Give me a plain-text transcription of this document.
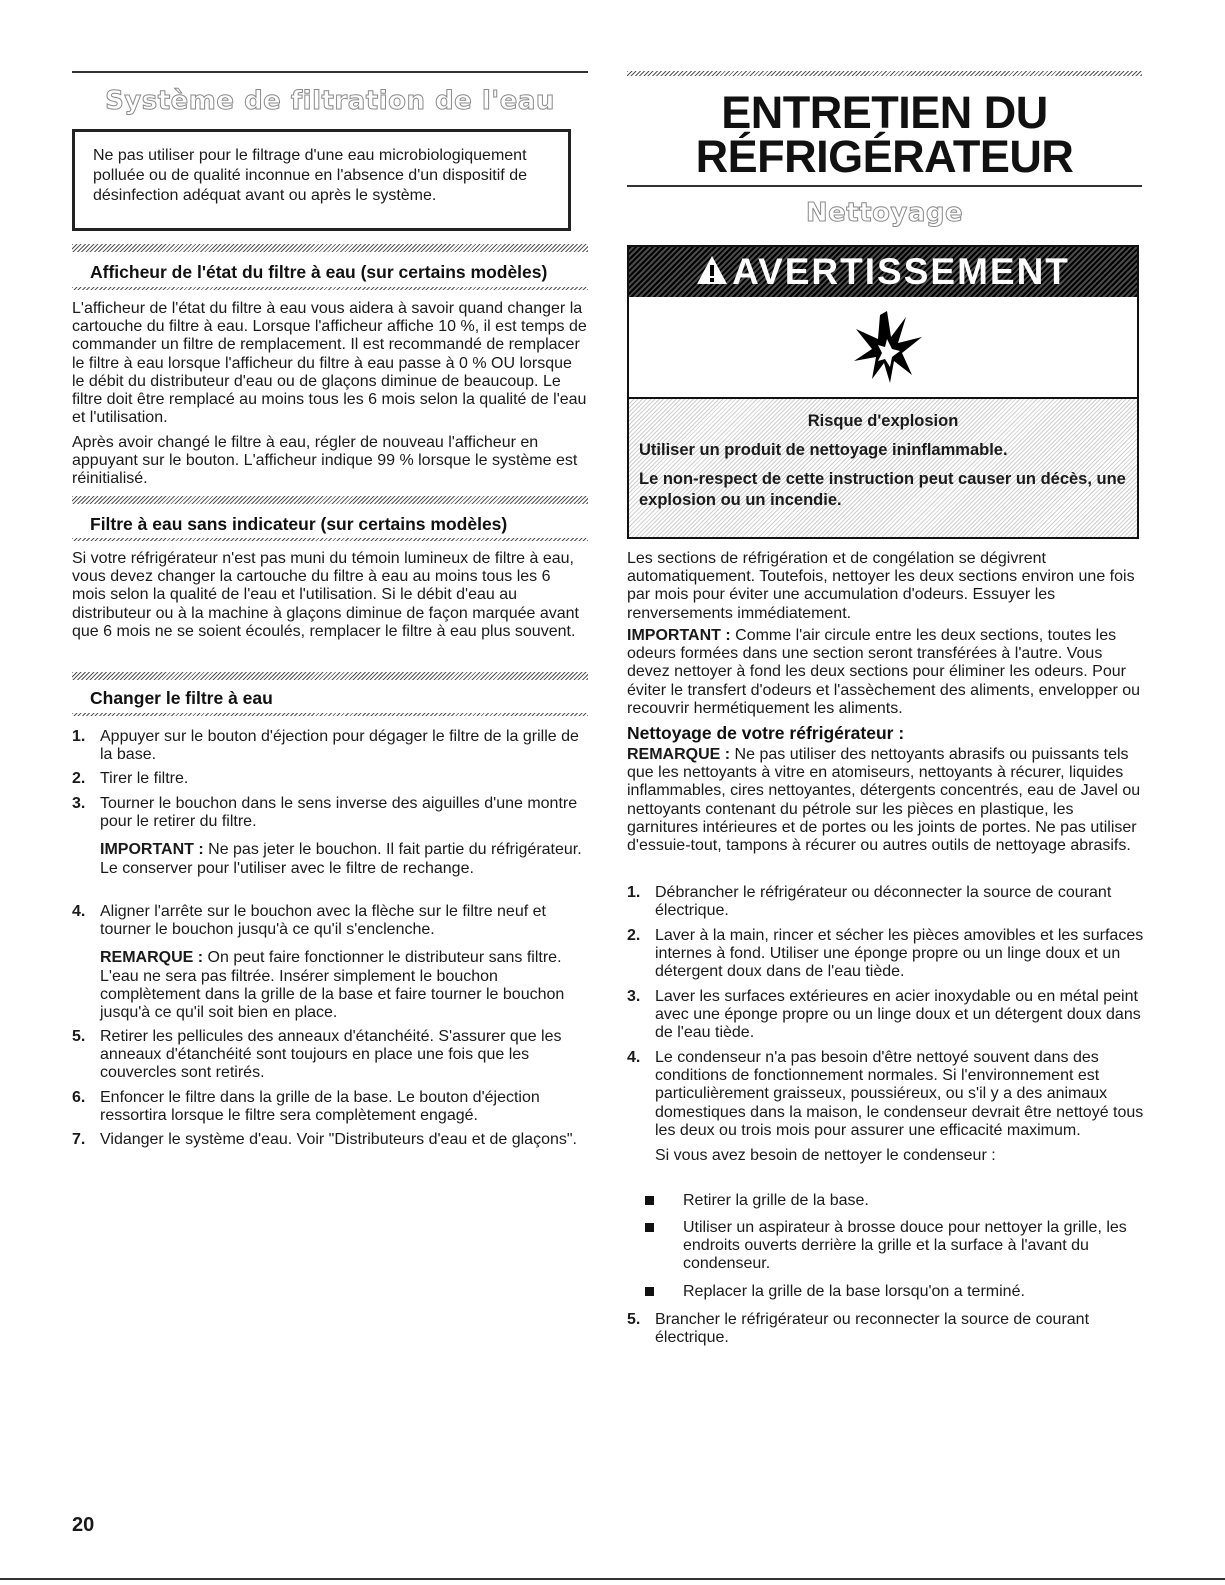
Système de filtration de l'eau
Ne pas utiliser pour le filtrage d'une eau microbiologiquement polluée ou de qualité inconnue en l'absence d'un dispositif de désinfection adéquat avant ou après le système.
Afficheur de l'état du filtre à eau (sur certains modèles)

L'afficheur de l'état du filtre à eau vous aidera à savoir quand changer la cartouche du filtre à eau. Lorsque l'afficheur affiche 10 %, il est temps de commander un filtre de remplacement. Il est recommandé de remplacer le filtre à eau lorsque l'afficheur du filtre à eau passe à 0 % OU lorsque le débit du distributeur d'eau ou de glaçons diminue de beaucoup. Le filtre doit être remplacé au moins tous les 6 mois selon la qualité de l'eau et l'utilisation.

Après avoir changé le filtre à eau, régler de nouveau l'afficheur en appuyant sur le bouton. L'afficheur indique 99 % lorsque le système est réinitialisé.

Filtre à eau sans indicateur (sur certains modèles)

Si votre réfrigérateur n'est pas muni du témoin lumineux de filtre à eau, vous devez changer la cartouche du filtre à eau au moins tous les 6 mois selon la qualité de l'eau et l'utilisation. Si le débit d'eau au distributeur ou à la machine à glaçons diminue de façon marquée avant que 6 mois ne se soient écoulés, remplacer le filtre à eau plus souvent.

Changer le filtre à eau
1. Appuyer sur le bouton d'éjection pour dégager le filtre de la grille de la base.
2. Tirer le filtre.
3. Tourner le bouchon dans le sens inverse des aiguilles d'une montre pour le retirer du filtre.
IMPORTANT : Ne pas jeter le bouchon. Il fait partie du réfrigérateur. Le conserver pour l'utiliser avec le filtre de rechange.
4. Aligner l'arrête sur le bouchon avec la flèche sur le filtre neuf et tourner le bouchon jusqu'à ce qu'il s'enclenche.
REMARQUE : On peut faire fonctionner le distributeur sans filtre. L'eau ne sera pas filtrée. Insérer simplement le bouchon complètement dans la grille de la base et faire tourner le bouchon jusqu'à ce qu'il soit bien en place.
5. Retirer les pellicules des anneaux d'étanchéité. S'assurer que les anneaux d'étanchéité sont toujours en place une fois que les couvercles sont retirés.
6. Enfoncer le filtre dans la grille de la base. Le bouton d'éjection ressortira lorsque le filtre sera complètement engagé.
7. Vidanger le système d'eau. Voir "Distributeurs d'eau et de glaçons".
ENTRETIEN DU
RÉFRIGÉRATEUR
Nettoyage
AVERTISSEMENT
Risque d'explosion
Utiliser un produit de nettoyage ininflammable.
Le non-respect de cette instruction peut causer un décès, une explosion ou un incendie.

Les sections de réfrigération et de congélation se dégivrent automatiquement. Toutefois, nettoyer les deux sections environ une fois par mois pour éviter une accumulation d'odeurs. Essuyer les renversements immédiatement.

IMPORTANT : Comme l'air circule entre les deux sections, toutes les odeurs formées dans une section seront transférées à l'autre. Vous devez nettoyer à fond les deux sections pour éliminer les odeurs. Pour éviter le transfert d'odeurs et l'assèchement des aliments, envelopper ou recouvrir hermétiquement les aliments.

Nettoyage de votre réfrigérateur :

REMARQUE : Ne pas utiliser des nettoyants abrasifs ou puissants tels que les nettoyants à vitre en atomiseurs, nettoyants à récurer, liquides inflammables, cires nettoyantes, détergents concentrés, eau de Javel ou nettoyants contenant du pétrole sur les pièces en plastique, les garnitures intérieures et de portes ou les joints de portes. Ne pas utiliser d'essuie-tout, tampons à récurer ou autres outils de nettoyage abrasifs.

1. Débrancher le réfrigérateur ou déconnecter la source de courant électrique.
2. Laver à la main, rincer et sécher les pièces amovibles et les surfaces internes à fond. Utiliser une éponge propre ou un linge doux et un détergent doux dans de l'eau tiède.
3. Laver les surfaces extérieures en acier inoxydable ou en métal peint avec une éponge propre ou un linge doux et un détergent doux dans de l'eau tiède.
4. Le condenseur n'a pas besoin d'être nettoyé souvent dans des conditions de fonctionnement normales. Si l'environnement est particulièrement graisseux, poussiéreux, ou s'il y a des animaux domestiques dans la maison, le condenseur devrait être nettoyé tous les deux ou trois mois pour assurer une efficacité maximum.
Si vous avez besoin de nettoyer le condenseur :
Retirer la grille de la base.
Utiliser un aspirateur à brosse douce pour nettoyer la grille, les endroits ouverts derrière la grille et la surface à l'avant du condenseur.
Replacer la grille de la base lorsqu'on a terminé.
5. Brancher le réfrigérateur ou reconnecter la source de courant électrique.
20
